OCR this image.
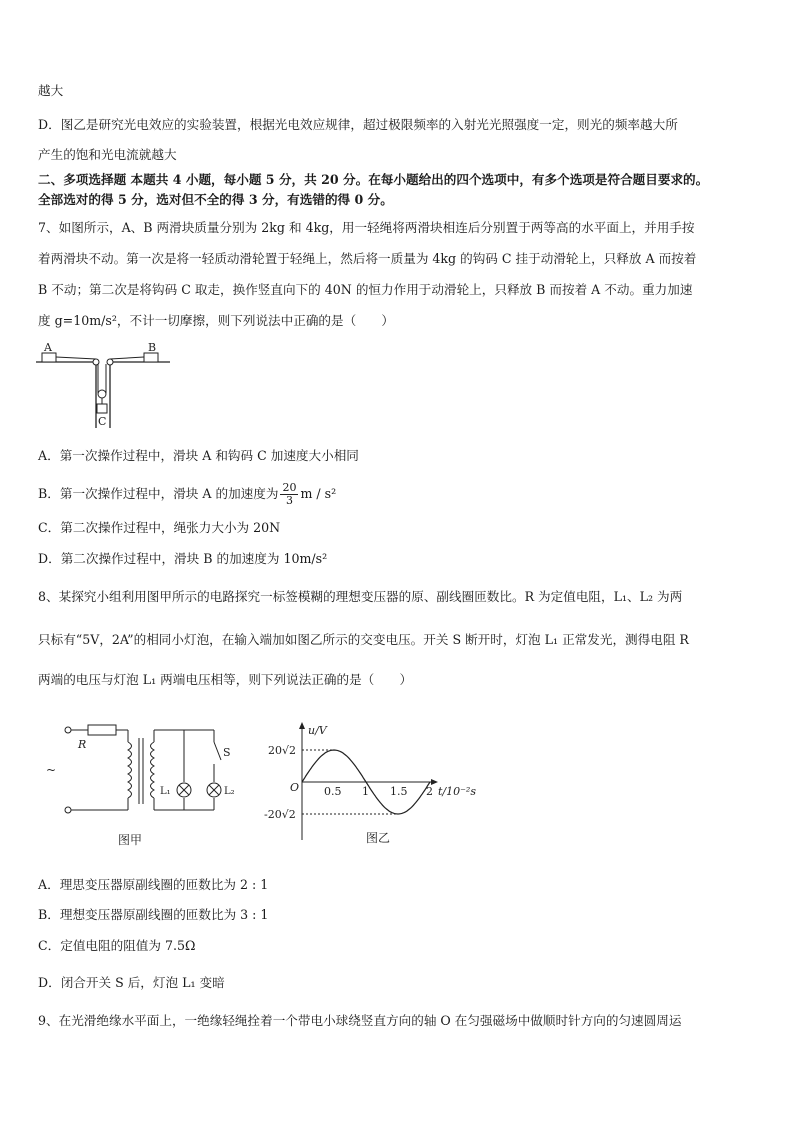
越大
D．图乙是研究光电效应的实验装置，根据光电效应规律，超过极限频率的入射光光照强度一定，则光的频率越大所
产生的饱和光电流就越大
二、多项选择题 本题共 4 小题，每小题 5 分，共 20 分。在每小题给出的四个选项中，有多个选项是符合题目要求的。
全部选对的得 5 分，选对但不全的得 3 分，有选错的得 0 分。
7、如图所示，A、B 两滑块质量分别为 2kg 和 4kg，用一轻绳将两滑块相连后分别置于两等高的水平面上，并用手按
着两滑块不动。第一次是将一轻质动滑轮置于轻绳上，然后将一质量为 4kg 的钩码 C 挂于动滑轮上，只释放 A 而按着
B 不动；第二次是将钩码 C 取走，换作竖直向下的 40N 的恒力作用于动滑轮上，只释放 B 而按着 A 不动。重力加速
度 g=10m/s²，不计一切摩擦，则下列说法中正确的是（　　）
A	B
C
A．第一次操作过程中，滑块 A 和钩码 C 加速度大小相同
B．第一次操作过程中，滑块 A 的加速度为 $\frac{20}{3}$ m / s²
C．第二次操作过程中，绳张力大小为 20N
D．第二次操作过程中，滑块 B 的加速度为 10m/s²
8、某探究小组利用图甲所示的电路探究一标签模糊的理想变压器的原、副线圈匝数比。R 为定值电阻，L₁、L₂ 为两
只标有“5V，2A”的相同小灯泡，在输入端加如图乙所示的交变电压。开关 S 断开时，灯泡 L₁ 正常发光，测得电阻 R
两端的电压与灯泡 L₁ 两端电压相等，则下列说法正确的是（　　）
R
S
L₁	L₂
~
图甲
u/V
20√2
-20√2
O 0.5 1 1.5 2 t/10⁻²s
图乙
A．理思变压器原副线圈的匝数比为 2 : 1
B．理想变压器原副线圈的匝数比为 3 : 1
C．定值电阻的阻值为 7.5Ω
D．闭合开关 S 后，灯泡 L₁ 变暗
9、在光滑绝缘水平面上，一绝缘轻绳拴着一个带电小球绕竖直方向的轴 O 在匀强磁场中做顺时针方向的匀速圆周运
